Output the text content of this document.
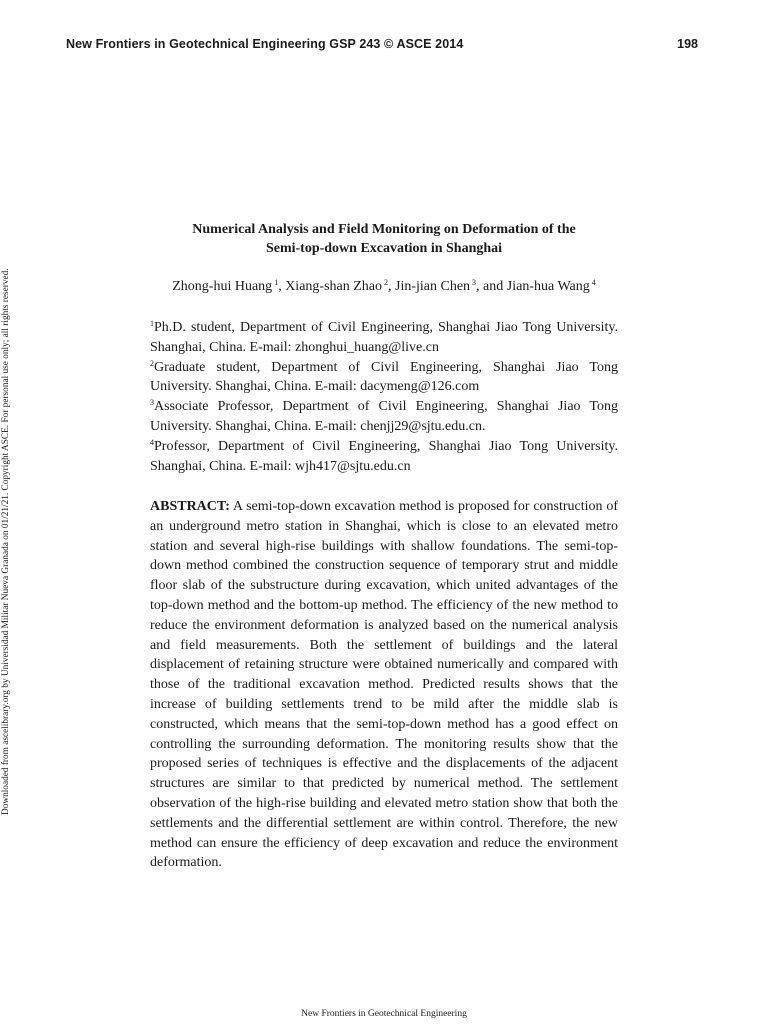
New Frontiers in Geotechnical Engineering GSP 243 © ASCE 2014	198
Downloaded from ascelibrary.org by Universidad Militar Nueva Granada on 01/21/21. Copyright ASCE. For personal use only; all rights reserved.
Numerical Analysis and Field Monitoring on Deformation of the
Semi-top-down Excavation in Shanghai
Zhong-hui Huang $^1$, Xiang-shan Zhao $^2$, Jin-jian Chen $^3$, and Jian-hua Wang $^4$
$^1$Ph.D. student, Department of Civil Engineering, Shanghai Jiao Tong University. Shanghai, China. E-mail: zhonghui_huang@live.cn
$^2$Graduate student, Department of Civil Engineering, Shanghai Jiao Tong University. Shanghai, China. E-mail: dacymeng@126.com
$^3$Associate Professor, Department of Civil Engineering, Shanghai Jiao Tong University. Shanghai, China. E-mail: chenjj29@sjtu.edu.cn.
$^4$Professor, Department of Civil Engineering, Shanghai Jiao Tong University. Shanghai, China. E-mail: wjh417@sjtu.edu.cn

ABSTRACT: A semi-top-down excavation method is proposed for construction of an underground metro station in Shanghai, which is close to an elevated metro station and several high-rise buildings with shallow foundations. The semi-top-down method combined the construction sequence of temporary strut and middle floor slab of the substructure during excavation, which united advantages of the top-down method and the bottom-up method. The efficiency of the new method to reduce the environment deformation is analyzed based on the numerical analysis and field measurements. Both the settlement of buildings and the lateral displacement of retaining structure were obtained numerically and compared with those of the traditional excavation method. Predicted results shows that the increase of building settlements trend to be mild after the middle slab is constructed, which means that the semi-top-down method has a good effect on controlling the surrounding deformation. The monitoring results show that the proposed series of techniques is effective and the displacements of the adjacent structures are similar to that predicted by numerical method. The settlement observation of the high-rise building and elevated metro station show that both the settlements and the differential settlement are within control. Therefore, the new method can ensure the efficiency of deep excavation and reduce the environment deformation.

New Frontiers in Geotechnical Engineering
